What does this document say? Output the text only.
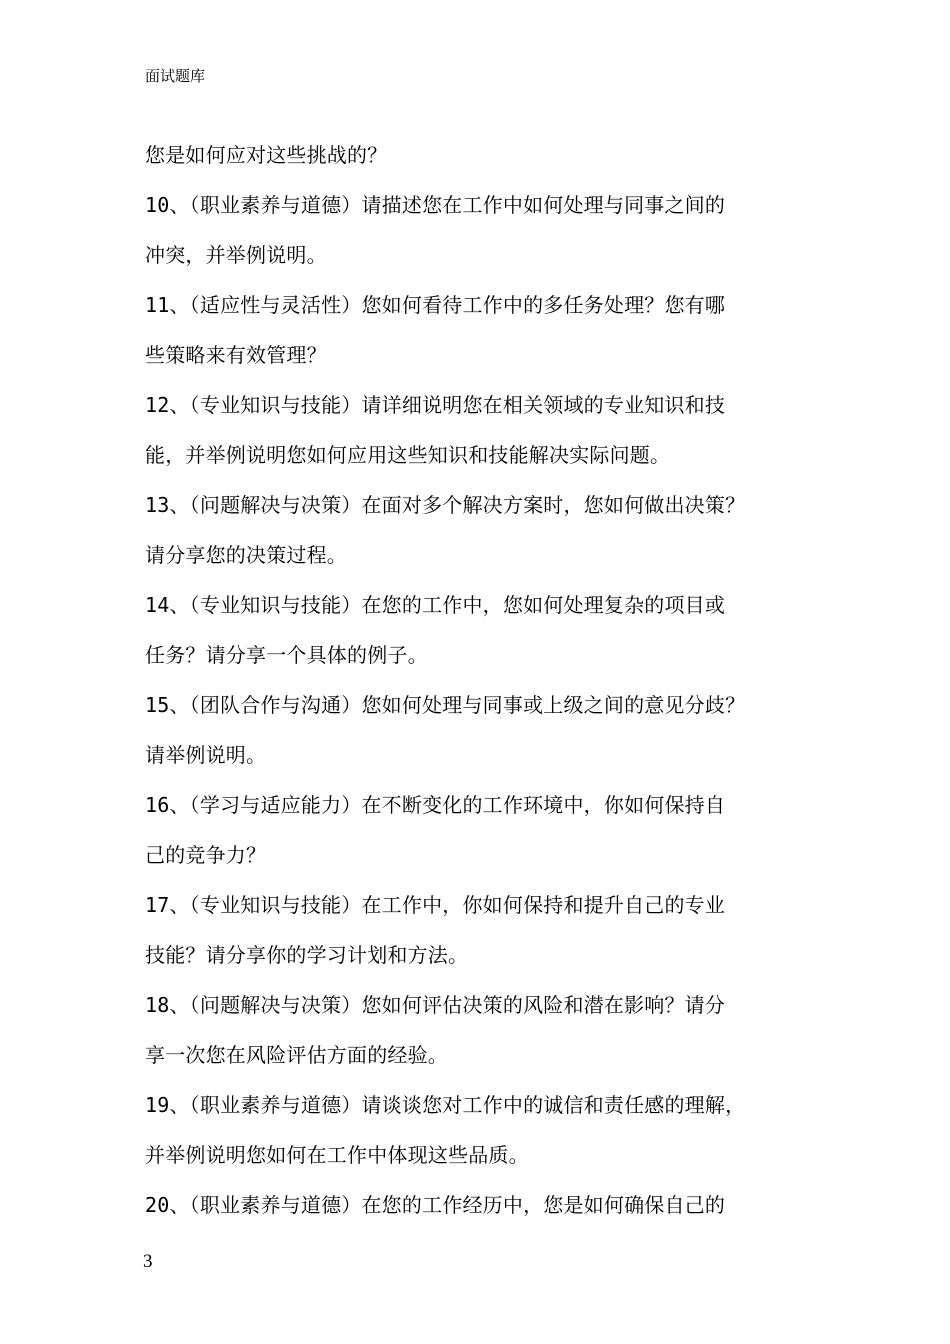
面试题库
您是如何应对这些挑战的？
10、（职业素养与道德）请描述您在工作中如何处理与同事之间的
冲突，并举例说明。
11、（适应性与灵活性）您如何看待工作中的多任务处理？您有哪
些策略来有效管理？
12、（专业知识与技能）请详细说明您在相关领域的专业知识和技
能，并举例说明您如何应用这些知识和技能解决实际问题。
13、（问题解决与决策）在面对多个解决方案时，您如何做出决策？
请分享您的决策过程。
14、（专业知识与技能）在您的工作中，您如何处理复杂的项目或
任务？请分享一个具体的例子。
15、（团队合作与沟通）您如何处理与同事或上级之间的意见分歧？
请举例说明。
16、（学习与适应能力）在不断变化的工作环境中，你如何保持自
己的竞争力？
17、（专业知识与技能）在工作中，你如何保持和提升自己的专业
技能？请分享你的学习计划和方法。
18、（问题解决与决策）您如何评估决策的风险和潜在影响？请分
享一次您在风险评估方面的经验。
19、（职业素养与道德）请谈谈您对工作中的诚信和责任感的理解，
并举例说明您如何在工作中体现这些品质。
20、（职业素养与道德）在您的工作经历中，您是如何确保自己的
3
